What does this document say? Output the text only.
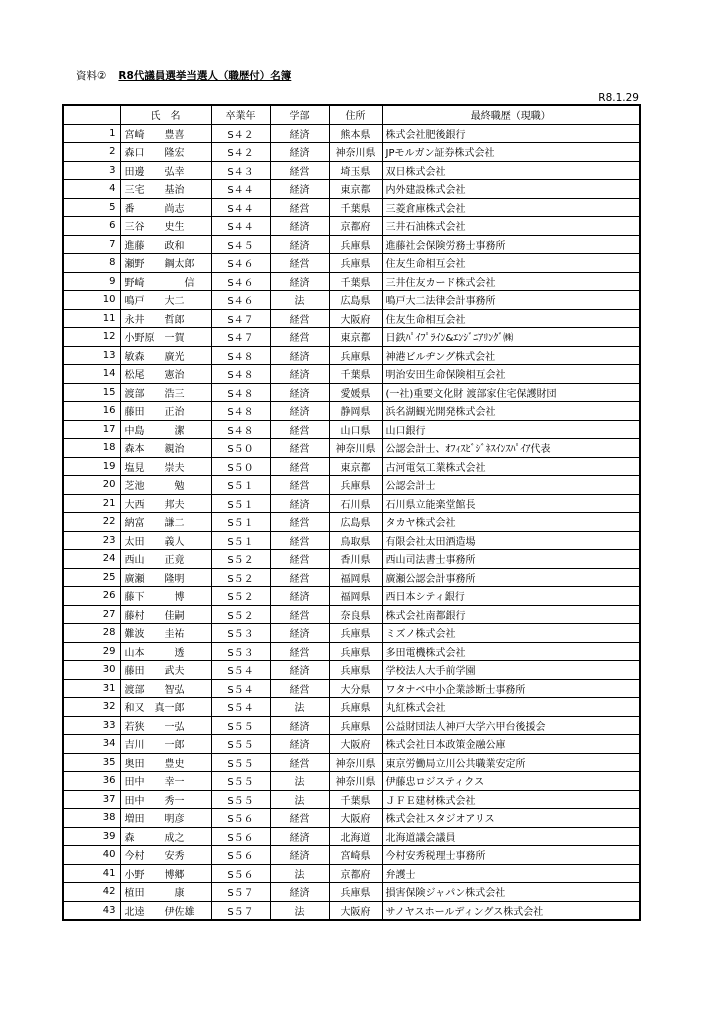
資料② R8代議員選挙当選人（職歴付）名簿
R8.1.29
	氏　名	卒業年	学部	住所	最終職歴（現職）
1	宮崎　　豊喜	S４２	経済	熊本県	株式会社肥後銀行
2	森口　　隆宏	S４２	経済	神奈川県	JPモルガン証券株式会社
3	田邊　　弘幸	S４３	経営	埼玉県	双日株式会社
4	三宅　　基治	S４４	経済	東京都	内外建設株式会社
5	番　　　尚志	S４４	経営	千葉県	三菱倉庫株式会社
6	三谷　　史生	S４４	経済	京都府	三井石油株式会社
7	進藤　　政和	S４５	経済	兵庫県	進藤社会保険労務士事務所
8	瀬野　　鋼太郎	S４６	経営	兵庫県	住友生命相互会社
9	野崎　　　　信	S４６	経済	千葉県	三井住友カード株式会社
10	鳴戸　　大二	S４６	法	広島県	鳴戸大二法律会計事務所
11	永井　　哲郎	S４７	経営	大阪府	住友生命相互会社
12	小野原　一賀	S４７	経営	東京都	日鉄ﾊﾟｲﾌﾟﾗｲﾝ&ｴﾝｼﾞﾆｱﾘﾝｸﾞ㈱
13	敏森　　廣光	S４８	経済	兵庫県	神港ビルヂング株式会社
14	松尾　　憲治	S４８	経済	千葉県	明治安田生命保険相互会社
15	渡部　　浩三	S４８	経済	愛媛県	(一社)重要文化財 渡部家住宅保護財団
16	藤田　　正治	S４８	経済	静岡県	浜名湖観光開発株式会社
17	中島　　　潔	S４８	経営	山口県	山口銀行
18	森本　　親治	S５０	経営	神奈川県	公認会計士、ｵﾌｨｽﾋﾞｼﾞﾈｽｲﾝｽﾊﾟｲｱ代表
19	塩見　　崇夫	S５０	経営	東京都	古河電気工業株式会社
20	芝池　　　勉	S５１	経営	兵庫県	公認会計士
21	大西　　邦夫	S５１	経済	石川県	石川県立能楽堂館長
22	納富　　謙二	S５１	経営	広島県	タカヤ株式会社
23	太田　　義人	S５１	経営	鳥取県	有限会社太田酒造場
24	西山　　正竟	S５２	経営	香川県	西山司法書士事務所
25	廣瀬　　隆明	S５２	経営	福岡県	廣瀬公認会計事務所
26	藤下　　　博	S５２	経済	福岡県	西日本シティ銀行
27	藤村　　佳嗣	S５２	経営	奈良県	株式会社南都銀行
28	難波　　圭祐	S５３	経済	兵庫県	ミズノ株式会社
29	山本　　　透	S５３	経営	兵庫県	多田電機株式会社
30	藤田　　武夫	S５４	経済	兵庫県	学校法人大手前学園
31	渡部　　智弘	S５４	経営	大分県	ワタナベ中小企業診断士事務所
32	和又　真一郎	S５４	法	兵庫県	丸紅株式会社
33	若狭　　一弘	S５５	経済	兵庫県	公益財団法人神戸大学六甲台後援会
34	吉川　　一郎	S５５	経済	大阪府	株式会社日本政策金融公庫
35	奥田　　豊史	S５５	経営	神奈川県	東京労働局立川公共職業安定所
36	田中　　幸一	S５５	法	神奈川県	伊藤忠ロジスティクス
37	田中　　秀一	S５５	法	千葉県	ＪＦＥ建材株式会社
38	増田　　明彦	S５６	経営	大阪府	株式会社スタジオアリス
39	森　　　成之	S５６	経済	北海道	北海道議会議員
40	今村　　安秀	S５６	経済	宮崎県	今村安秀税理士事務所
41	小野　　博郷	S５６	法	京都府	弁護士
42	植田　　　康	S５７	経済	兵庫県	損害保険ジャパン株式会社
43	北逵　　伊佐雄	S５７	法	大阪府	サノヤスホールディングス株式会社
